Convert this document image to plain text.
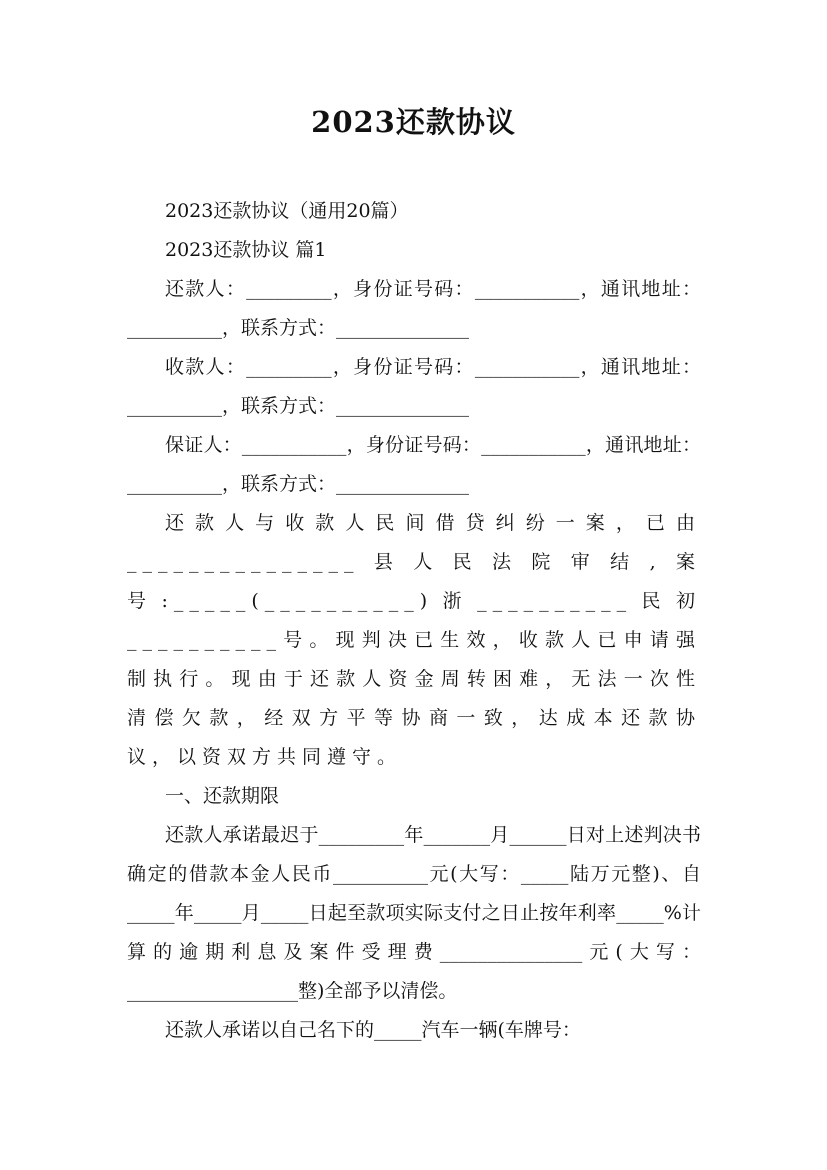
2023还款协议

2023还款协议（通用20篇）

2023还款协议 篇1

还款人：_________，身份证号码：___________，通讯地址：__________，联系方式：______________

收款人：_________，身份证号码：___________，通讯地址：__________，联系方式：______________

保证人：___________，身份证号码：___________，通讯地址：__________，联系方式：______________

还款人与收款人民间借贷纠纷一案，已由_______________县人民法院审结,案号:_____(__________)浙__________民初__________号。现判决已生效，收款人已申请强制执行。现由于还款人资金周转困难，无法一次性清偿欠款，经双方平等协商一致，达成本还款协议，以资双方共同遵守。

一、还款期限

还款人承诺最迟于_________年_______月______日对上述判决书确定的借款本金人民币__________元(大写：_____陆万元整)、自_____年_____月_____日起至款项实际支付之日止按年利率_____%计算的逾期利息及案件受理费_______________元(大写：__________________整)全部予以清偿。

还款人承诺以自己名下的_____汽车一辆(车牌号：
